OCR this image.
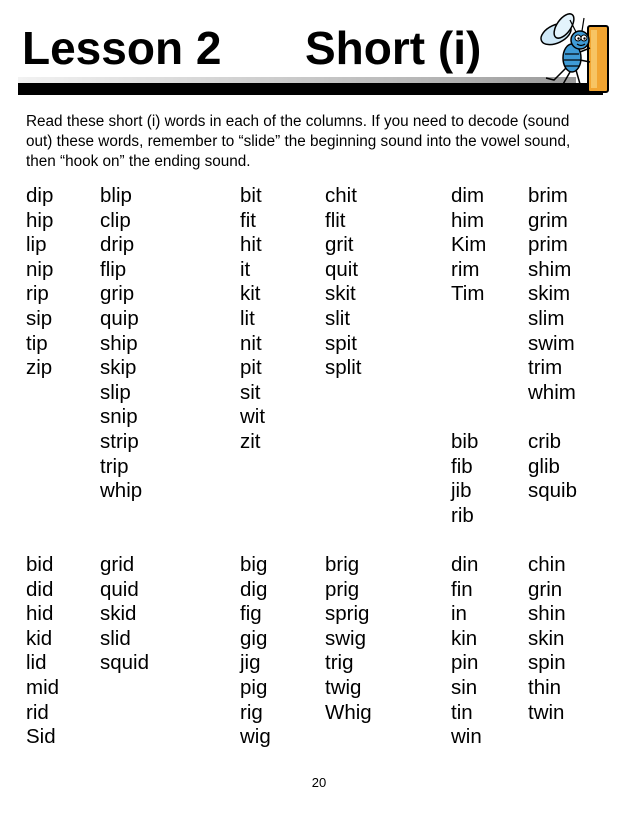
Lesson 2 Short (i)

Read these short (i) words in each of the columns. If you need to decode (sound out) these words, remember to “slide” the beginning sound into the vowel sound, then “hook on” the ending sound.

dip
hip
lip
nip
rip
sip
tip
zip
blip
clip
drip
flip
grip
quip
ship
skip
slip
snip
strip
trip
whip
bit
fit
hit
it
kit
lit
nit
pit
sit
wit
zit
chit
flit
grit
quit
skit
slit
spit
split
dim
him
Kim
rim
Tim
brim
grim
prim
shim
skim
slim
swim
trim
whim
bib
fib
jib
rib
crib
glib
squib
bid
did
hid
kid
lid
mid
rid
Sid
grid
quid
skid
slid
squid
big
dig
fig
gig
jig
pig
rig
wig
brig
prig
sprig
swig
trig
twig
Whig
din
fin
in
kin
pin
sin
tin
win
chin
grin
shin
skin
spin
thin
twin
20
